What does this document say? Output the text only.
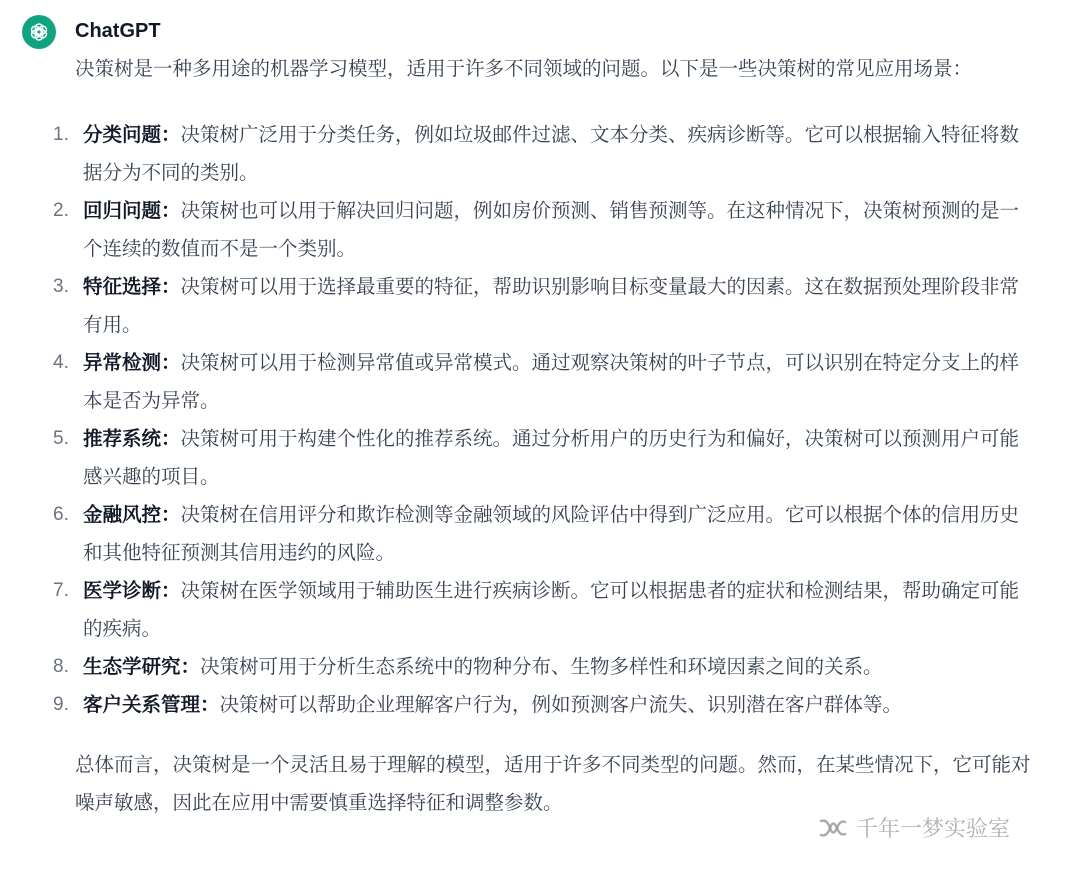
ChatGPT

决策树是一种多用途的机器学习模型，适用于许多不同领域的问题。以下是一些决策树的常见应用场景：

1. 分类问题：决策树广泛用于分类任务，例如垃圾邮件过滤、文本分类、疾病诊断等。它可以根据输入特征将数据分为不同的类别。
2. 回归问题：决策树也可以用于解决回归问题，例如房价预测、销售预测等。在这种情况下，决策树预测的是一个连续的数值而不是一个类别。
3. 特征选择：决策树可以用于选择最重要的特征，帮助识别影响目标变量最大的因素。这在数据预处理阶段非常有用。
4. 异常检测：决策树可以用于检测异常值或异常模式。通过观察决策树的叶子节点，可以识别在特定分支上的样本是否为异常。
5. 推荐系统：决策树可用于构建个性化的推荐系统。通过分析用户的历史行为和偏好，决策树可以预测用户可能感兴趣的项目。
6. 金融风控：决策树在信用评分和欺诈检测等金融领域的风险评估中得到广泛应用。它可以根据个体的信用历史和其他特征预测其信用违约的风险。
7. 医学诊断：决策树在医学领域用于辅助医生进行疾病诊断。它可以根据患者的症状和检测结果，帮助确定可能的疾病。
8. 生态学研究：决策树可用于分析生态系统中的物种分布、生物多样性和环境因素之间的关系。
9. 客户关系管理：决策树可以帮助企业理解客户行为，例如预测客户流失、识别潜在客户群体等。

总体而言，决策树是一个灵活且易于理解的模型，适用于许多不同类型的问题。然而，在某些情况下，它可能对噪声敏感，因此在应用中需要慎重选择特征和调整参数。

千年一梦实验室
